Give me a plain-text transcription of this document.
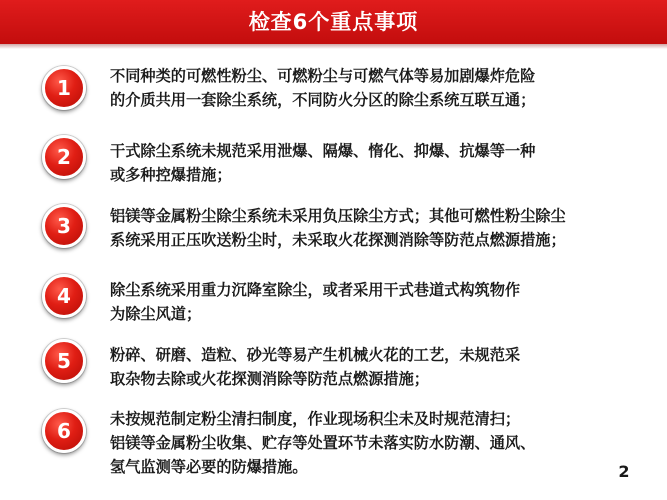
检查6个重点事项
1	不同种类的可燃性粉尘、可燃粉尘与可燃气体等易加剧爆炸危险
的介质共用一套除尘系统，不同防火分区的除尘系统互联互通；
2	干式除尘系统未规范采用泄爆、隔爆、惰化、抑爆、抗爆等一种
或多种控爆措施；
3	铝镁等金属粉尘除尘系统未采用负压除尘方式；其他可燃性粉尘除尘
系统采用正压吹送粉尘时，未采取火花探测消除等防范点燃源措施；
4	除尘系统采用重力沉降室除尘，或者采用干式巷道式构筑物作
为除尘风道；
5	粉碎、研磨、造粒、砂光等易产生机械火花的工艺，未规范采
取杂物去除或火花探测消除等防范点燃源措施；
6	未按规范制定粉尘清扫制度，作业现场积尘未及时规范清扫；
铝镁等金属粉尘收集、贮存等处置环节未落实防水防潮、通风、
氢气监测等必要的防爆措施。	2
